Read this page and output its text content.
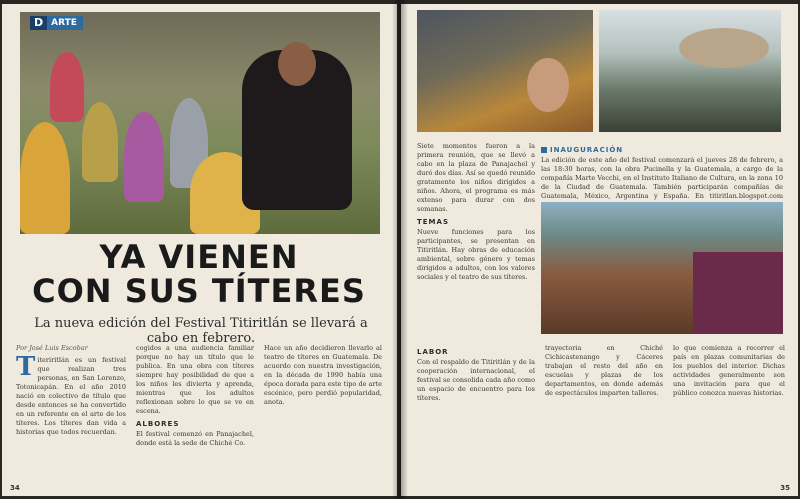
Fotos: AfriPike.blogspot.com
D ARTE
YA VIENEN
CON SUS TÍTERES
La nueva edición del Festival Titiritlán se llevará a cabo en febrero.
Por José Luis Escobar
T iteriritlán es un festival que realizan tres personas, en San Lorenzo, Totonicapán. En el año 2010 nació en colectivo de título que desde entonces se ha convertido en un referente en el arte de los títeres. Los títeres dan vida a historias que todos recuerdan.
cogidos a una audiencia familiar porque no hay un título que le publica. En una obra con títeres siempre hay posibilidad de que a los niños les divierta y aprenda, mientras que los adultos reflexionan sobre lo que se ve en escena.
ALBORES
El festival comenzó en Panajachel, donde está la sede de Chiché Co.
Hace un año decidieron llevarlo al teatro de títeres en Guatemala. De acuerdo con nuestra investigación, en la década de 1990 había una época dorada para este tipo de arte escénico, pero perdió popularidad, anota.
34
Siete momentos fueron a la primera reunión, que se llevó a cabo en la plaza de Panajachel y duró dos días. Así se quedó reunido gratamente los niños dirigidos a niños. Ahora, el programa es más extenso para durar con dos semanas.
TEMAS
Nueve funciones para los participantes, se presentan en Titiritlán. Hay obras de educación ambiental, sobre género y temas dirigidos a adultos, con los valores sociales y el teatro de sus títeres.
INAUGURACIÓN
La edición de este año del festival comenzará el jueves 28 de febrero, a las 18:30 horas, con la obra Pucinella y la Guatemala, a cargo de la compañía Marte Vecchi, en el Instituto Italiano de Cultura, en la zona 10 de la Ciudad de Guatemala. También participarán compañías de Guatemala, México, Argentina y España. En titiritlan.blogspot.com
LABOR
Con el respaldo de Titiritlán y de la cooperación internacional, el festival se consolida cada año como un espacio de encuentro para los títeres.
trayectoria en Chiché Cichicastenango y Cáceres trabajan el resto del año en escuelas y plazas de los departamentos, en donde además de espectáculos imparten talleres.
lo que comienza a recorrer el país en plazas comunitarias de los pueblos del interior. Dichas actividades generalmente son una invitación para que el público conozca nuevas historias.
35
